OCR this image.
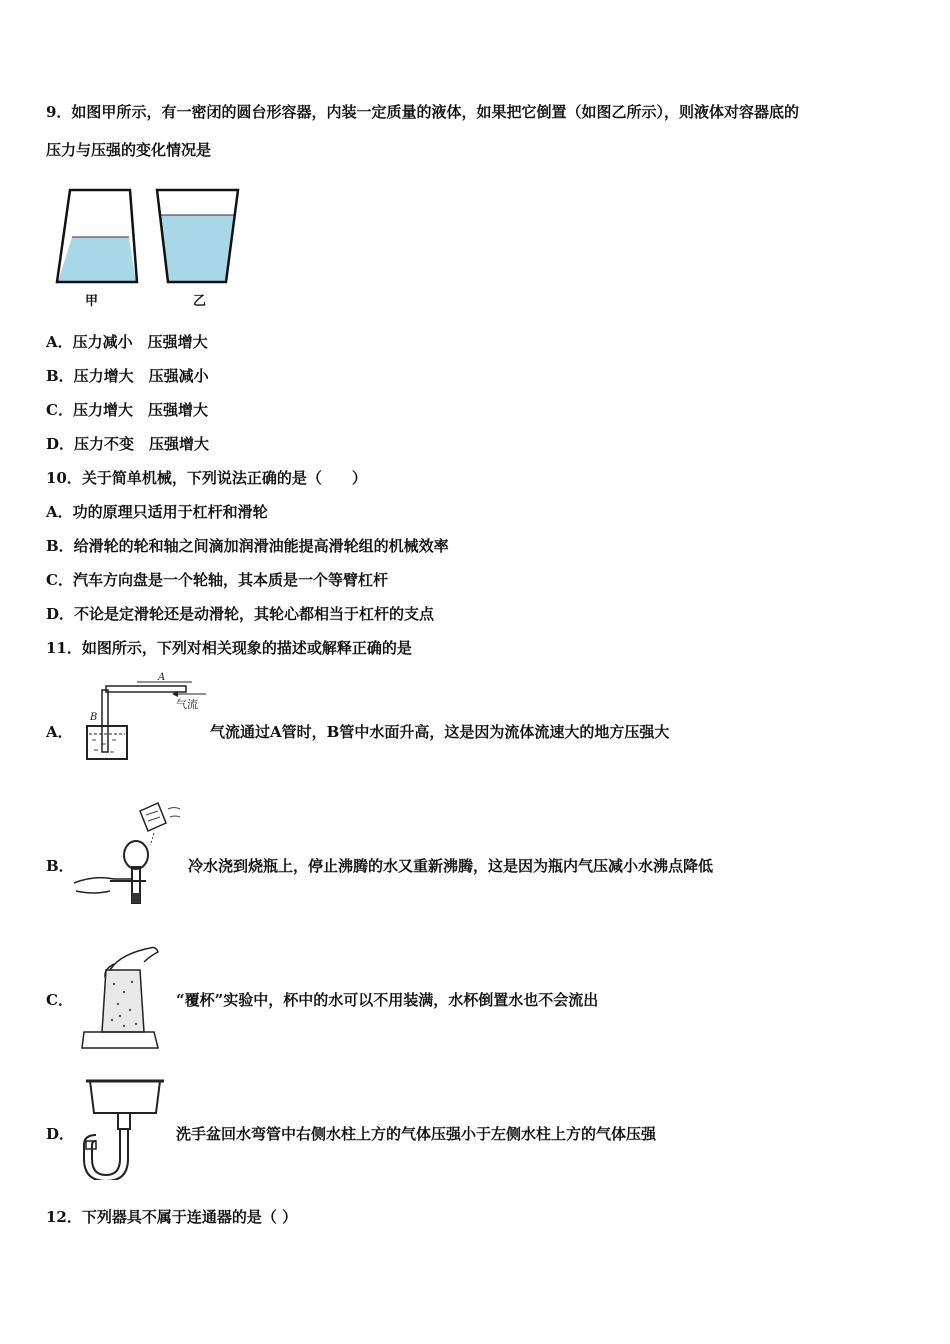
9．如图甲所示，有一密闭的圆台形容器，内装一定质量的液体，如果把它倒置（如图乙所示），则液体对容器底的
压力与压强的变化情况是
甲	乙
A．压力减小　压强增大
B．压力增大　压强减小
C．压力增大　压强增大
D．压力不变　压强增大
10．关于简单机械，下列说法正确的是（　　）
A．功的原理只适用于杠杆和滑轮
B．给滑轮的轮和轴之间滴加润滑油能提高滑轮组的机械效率
C．汽车方向盘是一个轮轴，其本质是一个等臂杠杆
D．不论是定滑轮还是动滑轮，其轮心都相当于杠杆的支点
11．如图所示，下列对相关现象的描述或解释正确的是
A．
A
B
气流
气流通过A管时，B管中水面升高，这是因为流体流速大的地方压强大
B．	冷水浇到烧瓶上，停止沸腾的水又重新沸腾，这是因为瓶内气压减小水沸点降低
C．	“覆杯”实验中，杯中的水可以不用装满，水杯倒置水也不会流出
D．	洗手盆回水弯管中右侧水柱上方的气体压强小于左侧水柱上方的气体压强
12．下列器具不属于连通器的是（ ）
